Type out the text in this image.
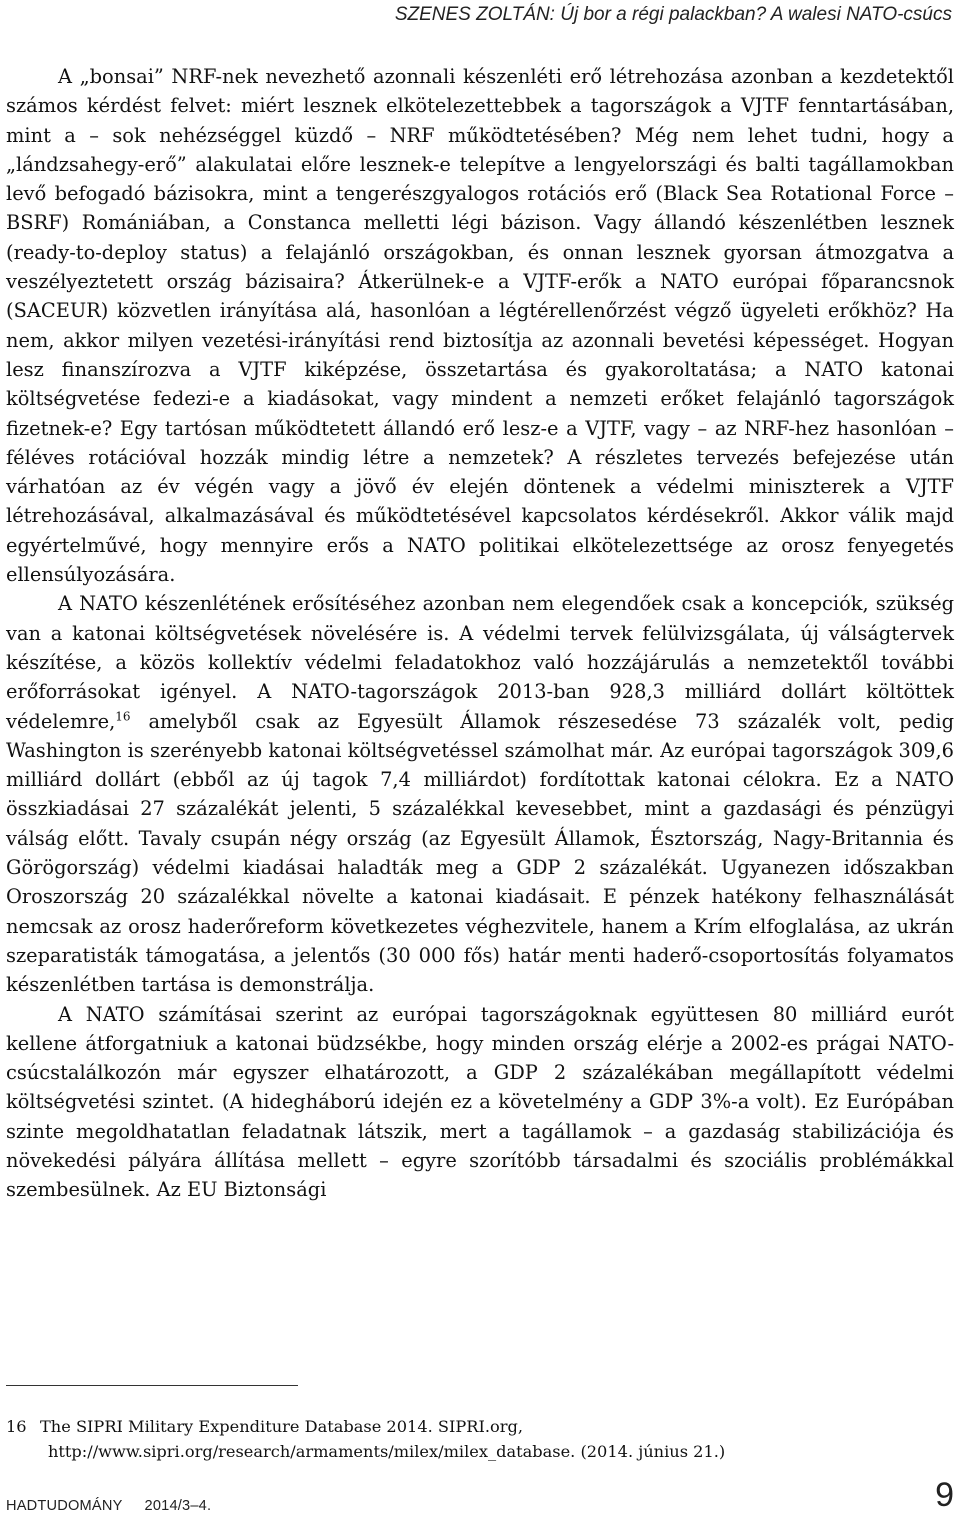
SZENES ZOLTÁN: Új bor a régi palackban? A walesi NATO-csúcs

A „bonsai” NRF-nek nevezhető azonnali készenléti erő létrehozása azonban a kezdetektől számos kérdést felvet: miért lesznek elkötelezettebbek a tagországok a VJTF fenntartásában, mint a – sok nehézséggel küzdő – NRF működtetésében? Még nem lehet tudni, hogy a „lándzsahegy-erő” alakulatai előre lesznek-e telepítve a lengyelországi és balti tagállamokban levő befogadó bázisokra, mint a tengerészgyalogos rotációs erő (Black Sea Rotational Force – BSRF) Romániában, a Constanca melletti légi bázison. Vagy állandó készenlétben lesznek (ready-to-deploy status) a felajánló országokban, és onnan lesznek gyorsan átmozgatva a veszélyeztetett ország bázisaira? Átkerülnek-e a VJTF-erők a NATO európai főparancsnok (SACEUR) közvetlen irányítása alá, hasonlóan a légtérellenőrzést végző ügyeleti erőkhöz? Ha nem, akkor milyen vezetési-irányítási rend biztosítja az azonnali bevetési képességet. Hogyan lesz finanszírozva a VJTF kiképzése, összetartása és gyakoroltatása; a NATO katonai költségvetése fedezi-e a kiadásokat, vagy mindent a nemzeti erőket felajánló tagországok fizetnek-e? Egy tartósan működtetett állandó erő lesz-e a VJTF, vagy – az NRF-hez hasonlóan – féléves rotációval hozzák mindig létre a nemzetek? A részletes tervezés befejezése után várhatóan az év végén vagy a jövő év elején döntenek a védelmi miniszterek a VJTF létrehozásával, alkalmazásával és működtetésével kapcsolatos kérdésekről. Akkor válik majd egyértelművé, hogy mennyire erős a NATO politikai elkötelezettsége az orosz fenyegetés ellensúlyozására.

A NATO készenlétének erősítéséhez azonban nem elegendőek csak a koncepciók, szükség van a katonai költségvetések növelésére is. A védelmi tervek felülvizsgálata, új válságtervek készítése, a közös kollektív védelmi feladatokhoz való hozzájárulás a nemzetektől további erőforrásokat igényel. A NATO-tagországok 2013-ban 928,3 milliárd dollárt költöttek védelemre,$^{16}$ amelyből csak az Egyesült Államok részesedése 73 százalék volt, pedig Washington is szerényebb katonai költségvetéssel számolhat már. Az európai tagországok 309,6 milliárd dollárt (ebből az új tagok 7,4 milliárdot) fordítottak katonai célokra. Ez a NATO összkiadásai 27 százalékát jelenti, 5 százalékkal kevesebbet, mint a gazdasági és pénzügyi válság előtt. Tavaly csupán négy ország (az Egyesült Államok, Észtország, Nagy-Britannia és Görögország) védelmi kiadásai haladták meg a GDP 2 százalékát. Ugyanezen időszakban Oroszország 20 százalékkal növelte a katonai kiadásait. E pénzek hatékony felhasználását nemcsak az orosz haderőreform következetes véghezvitele, hanem a Krím elfoglalása, az ukrán szeparatisták támogatása, a jelentős (30 000 fős) határ menti haderő-csoportosítás folyamatos készenlétben tartása is demonstrálja.

A NATO számításai szerint az európai tagországoknak együttesen 80 milliárd eurót kellene átforgatniuk a katonai büdzsékbe, hogy minden ország elérje a 2002-es prágai NATO-csúcstalálkozón már egyszer elhatározott, a GDP 2 százalékában megállapított védelmi költségvetési szintet. (A hidegháború idején ez a követelmény a GDP 3%-a volt). Ez Európában szinte megoldhatatlan feladatnak látszik, mert a tagállamok – a gazdaság stabilizációja és növekedési pályára állítása mellett – egyre szorítóbb társadalmi és szociális problémákkal szembesülnek. Az EU Biztonsági

16 The SIPRI Military Expenditure Database 2014. SIPRI.org,
http://www.sipri.org/research/armaments/milex/milex_database. (2014. június 21.)
HADTUDOMÁNY 2014/3–4.	9
